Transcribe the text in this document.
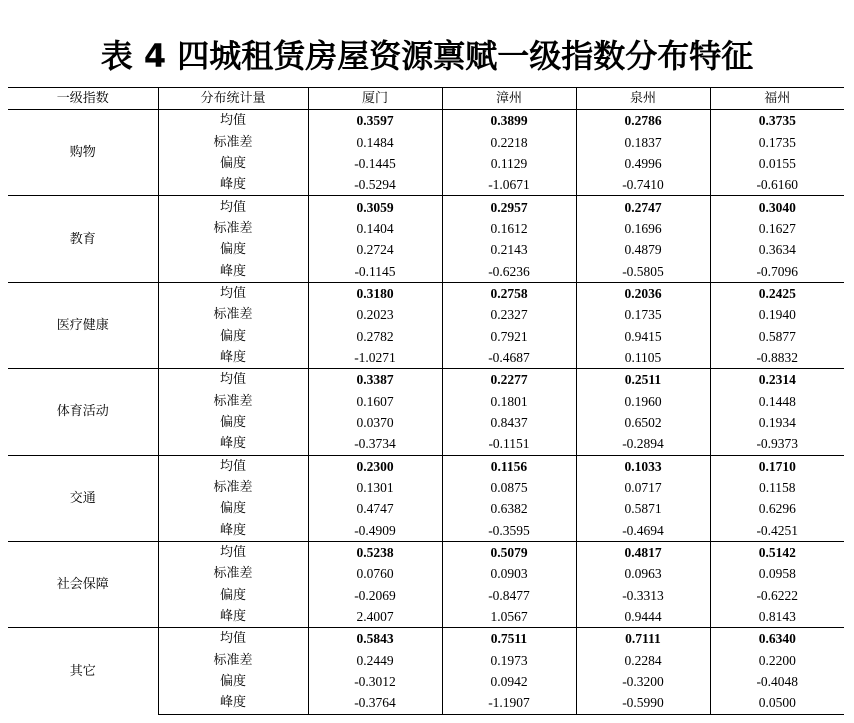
表 4 四城租赁房屋资源禀赋一级指数分布特征
一级指数	分布统计量	厦门	漳州	泉州	福州
购物	均值	0.3597	0.3899	0.2786	0.3735
	标准差	0.1484	0.2218	0.1837	0.1735
	偏度	-0.1445	0.1129	0.4996	0.0155
	峰度	-0.5294	-1.0671	-0.7410	-0.6160
教育	均值	0.3059	0.2957	0.2747	0.3040
	标准差	0.1404	0.1612	0.1696	0.1627
	偏度	0.2724	0.2143	0.4879	0.3634
	峰度	-0.1145	-0.6236	-0.5805	-0.7096
医疗健康	均值	0.3180	0.2758	0.2036	0.2425
	标准差	0.2023	0.2327	0.1735	0.1940
	偏度	0.2782	0.7921	0.9415	0.5877
	峰度	-1.0271	-0.4687	0.1105	-0.8832
体育活动	均值	0.3387	0.2277	0.2511	0.2314
	标准差	0.1607	0.1801	0.1960	0.1448
	偏度	0.0370	0.8437	0.6502	0.1934
	峰度	-0.3734	-0.1151	-0.2894	-0.9373
交通	均值	0.2300	0.1156	0.1033	0.1710
	标准差	0.1301	0.0875	0.0717	0.1158
	偏度	0.4747	0.6382	0.5871	0.6296
	峰度	-0.4909	-0.3595	-0.4694	-0.4251
社会保障	均值	0.5238	0.5079	0.4817	0.5142
	标准差	0.0760	0.0903	0.0963	0.0958
	偏度	-0.2069	-0.8477	-0.3313	-0.6222
	峰度	2.4007	1.0567	0.9444	0.8143
其它	均值	0.5843	0.7511	0.7111	0.6340
	标准差	0.2449	0.1973	0.2284	0.2200
	偏度	-0.3012	0.0942	-0.3200	-0.4048
	峰度	-0.3764	-1.1907	-0.5990	0.0500
